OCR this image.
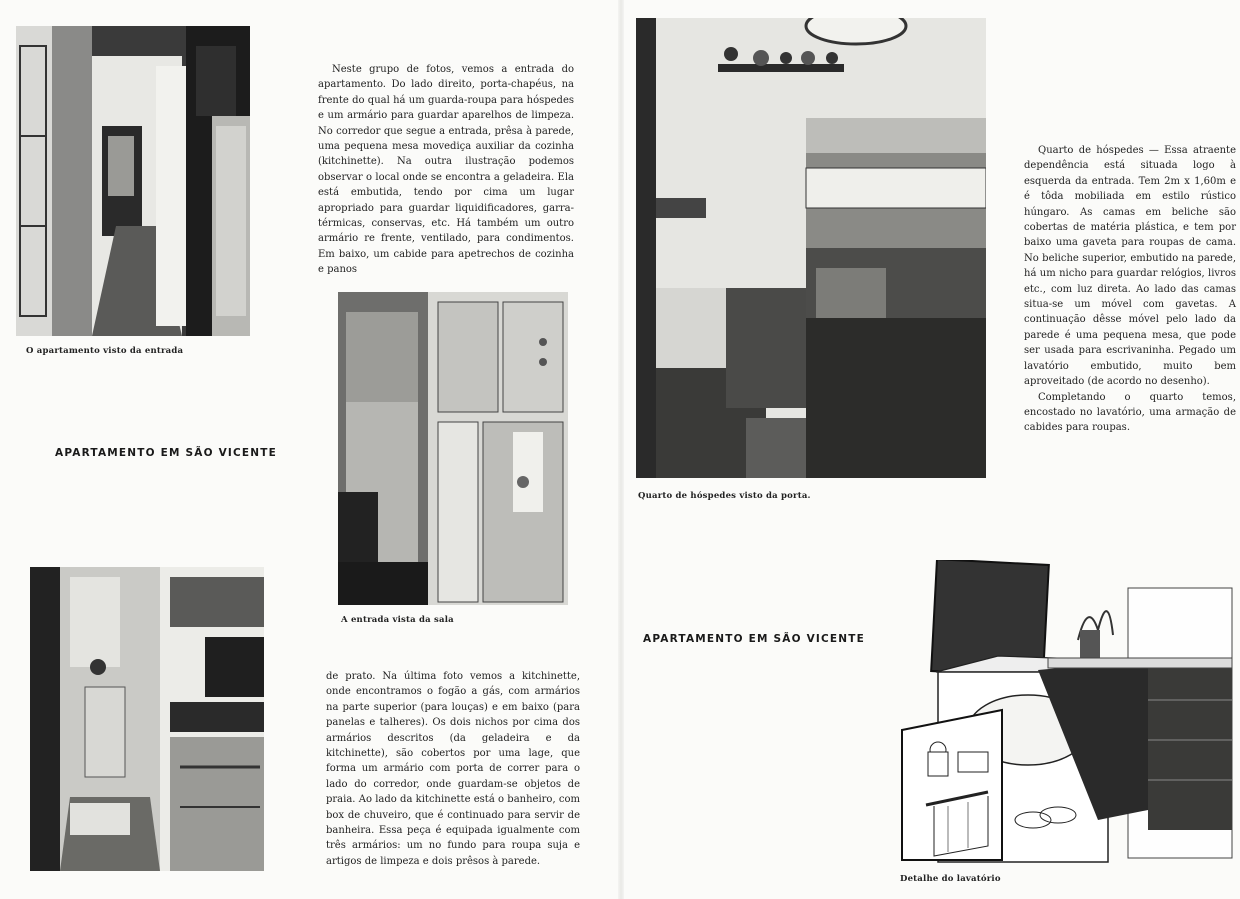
O apartamento visto da entrada
APARTAMENTO EM SÃO VICENTE

Neste grupo de fotos, vemos a entrada do apartamento. Do lado direito, porta-chapéus, na frente do qual há um guarda-roupa para hóspedes e um armário para guardar aparelhos de limpeza. No corredor que segue a entrada, prêsa à parede, uma pequena mesa movediça auxiliar da cozinha (kitchinette). Na outra ilustração podemos observar o local onde se encontra a geladeira. Ela está embutida, tendo por cima um lugar apropriado para guardar liquidificadores, garra-térmicas, conservas, etc. Há também um outro armário re frente, ventilado, para condimentos. Em baixo, um cabide para apetrechos de cozinha e panos

A entrada vista da sala

de prato. Na última foto vemos a kitchinette, onde encontramos o fogão a gás, com armários na parte superior (para louças) e em baixo (para panelas e talheres). Os dois nichos por cima dos armários descritos (da geladeira e da kitchinette), são cobertos por uma lage, que forma um armário com porta de correr para o lado do corredor, onde guardam-se objetos de praia. Ao lado da kitchinette está o banheiro, com box de chuveiro, que é continuado para servir de banheira. Essa peça é equipada igualmente com três armários: um no fundo para roupa suja e artigos de limpeza e dois prêsos à parede.

Quarto de hóspedes visto da porta.

Quarto de hóspedes — Essa atraente dependência está situada logo à esquerda da entrada. Tem 2m x 1,60m e é tôda mobiliada em estilo rústico húngaro. As camas em beliche são cobertas de matéria plástica, e tem por baixo uma gaveta para roupas de cama. No beliche superior, embutido na parede, há um nicho para guardar relógios, livros etc., com luz direta. Ao lado das camas situa-se um móvel com gavetas. A continuação dêsse móvel pelo lado da parede é uma pequena mesa, que pode ser usada para escrivaninha. Pegado um lavatório embutido, muito bem aproveitado (de acordo no desenho).

Completando o quarto temos, encostado no lavatório, uma armação de cabides para roupas.

APARTAMENTO EM SÃO VICENTE
Detalhe do lavatório
